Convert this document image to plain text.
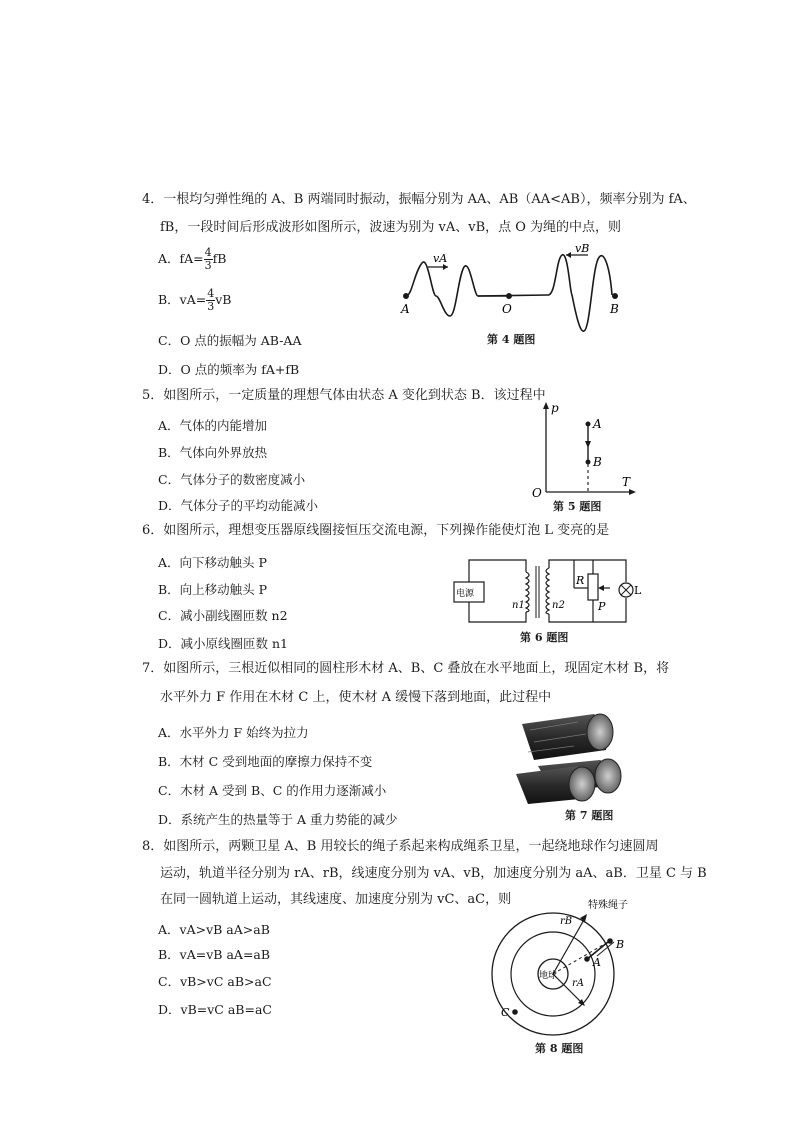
4．一根均匀弹性绳的 A、B 两端同时振动，振幅分别为 AA、AB（AA<AB），频率分别为 fA、
fB，一段时间后形成波形如图所示，波速为别为 vA、vB，点 O 为绳的中点，则
A．$fA= \frac{4}{3}$ fB
B．$vA= \frac{4}{3}$ vB
C．O 点的振幅为 AB-AA
D．O 点的频率为 fA+fB
vA
vB
A	O	B
第 4 题图
5．如图所示，一定质量的理想气体由状态 A 变化到状态 B．该过程中
A．气体的内能增加
B．气体向外界放热
C．气体分子的数密度减小
D．气体分子的平均动能减小
p
T
O
A
B
第 5 题图
6．如图所示，理想变压器原线圈接恒压交流电源，下列操作能使灯泡 L 变亮的是
A．向下移动触头 P
B．向上移动触头 P
C．减小副线圈匝数 n2
D．减小原线圈匝数 n1
电源
n1	n2
R
P
L
第 6 题图
7．如图所示，三根近似相同的圆柱形木材 A、B、C 叠放在水平地面上，现固定木材 B，将
水平外力 F 作用在木材 C 上，使木材 A 缓慢下落到地面，此过程中
A．水平外力 F 始终为拉力
B．木材 C 受到地面的摩擦力保持不变
C．木材 A 受到 B、C 的作用力逐渐减小
D．系统产生的热量等于 A 重力势能的减少	第 7 题图
8．如图所示，两颗卫星 A、B 用较长的绳子系起来构成绳系卫星，一起绕地球作匀速圆周
运动，轨道半径分别为 rA、rB，线速度分别为 vA、vB，加速度分别为 aA、aB．卫星 C 与 B
在同一圆轨道上运动，其线速度、加速度分别为 vC、aC，则
A．vA>vB aA>aB
B．vA=vB aA=aB
C．vB>vC aB>aC
D．vB=vC aB=aC
特殊绳子
地球
rB
rA
A
B
C
第 8 题图
